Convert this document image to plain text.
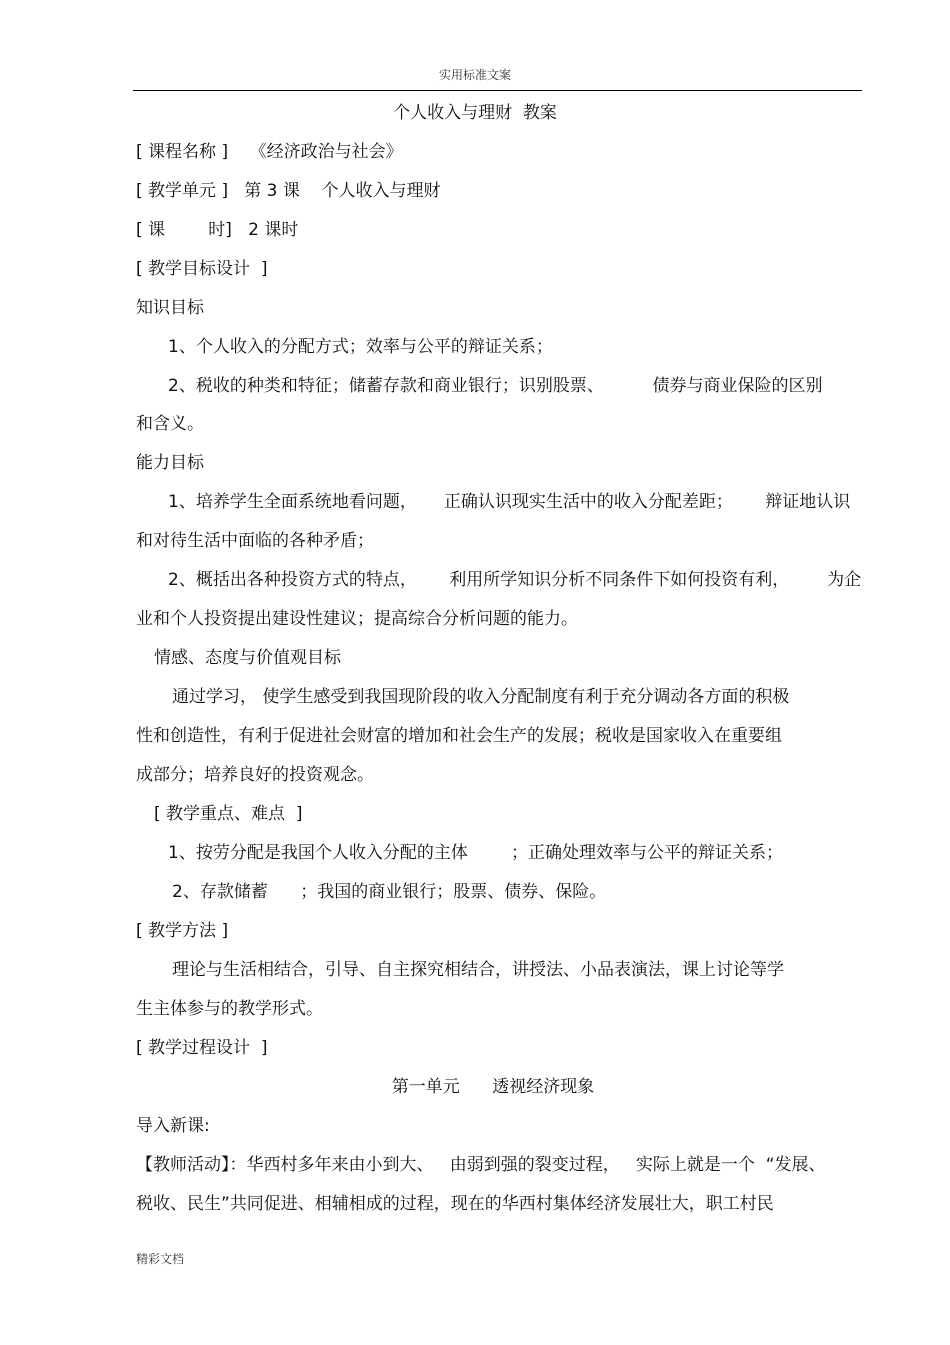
实用标准文案
个人收入与理财  教案
[ 课程名称 ]    《经济政治与社会》
[ 教学单元 ]   第 3 课    个人收入与理财
[ 课        时]   2 课时
[ 教学目标设计  ]
知识目标
1、个人收入的分配方式；效率与公平的辩证关系；
2、税收的种类和特征；储蓄存款和商业银行；识别股票、         债券与商业保险的区别
和含义。
能力目标
1、培养学生全面系统地看问题，     正确认识现实生活中的收入分配差距；      辩证地认识
和对待生活中面临的各种矛盾；
2、概括出各种投资方式的特点，      利用所学知识分析不同条件下如何投资有利，       为企
业和个人投资提出建设性建议；提高综合分析问题的能力。
情感、态度与价值观目标
通过学习， 使学生感受到我国现阶段的收入分配制度有利于充分调动各方面的积极
性和创造性，有利于促进社会财富的增加和社会生产的发展；税收是国家收入在重要组
成部分；培养良好的投资观念。
[ 教学重点、难点  ]
1、按劳分配是我国个人收入分配的主体        ；正确处理效率与公平的辩证关系；
2、存款储蓄      ；我国的商业银行；股票、债券、保险。
[ 教学方法 ]
理论与生活相结合，引导、自主探究相结合，讲授法、小品表演法，课上讨论等学
生主体参与的教学形式。
[ 教学过程设计  ]
第一单元      透视经济现象
导入新课:
【教师活动】：华西村多年来由小到大、   由弱到强的裂变过程，   实际上就是一个  “发展、
税收、民生”共同促进、相辅相成的过程，现在的华西村集体经济发展壮大，职工村民
精彩文档
